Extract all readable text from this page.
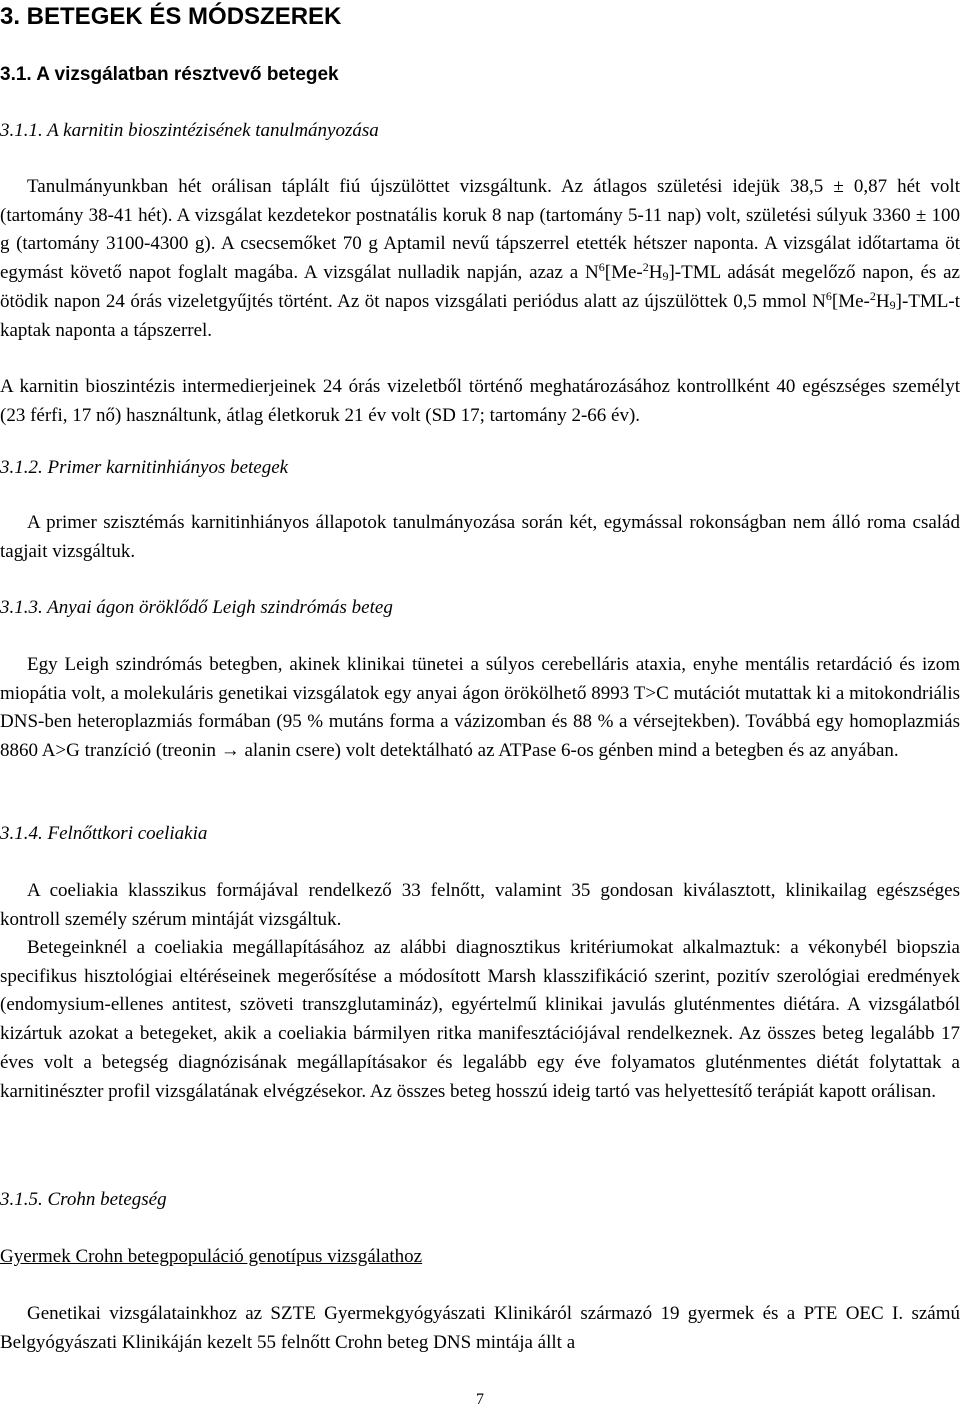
3. BETEGEK ÉS MÓDSZEREK
3.1. A vizsgálatban résztvevő betegek
3.1.1. A karnitin bioszintézisének tanulmányozása
Tanulmányunkban hét orálisan táplált fiú újszülöttet vizsgáltunk. Az átlagos születési idejük 38,5 ± 0,87 hét volt (tartomány 38-41 hét). A vizsgálat kezdetekor postnatális koruk 8 nap (tartomány 5-11 nap) volt, születési súlyuk 3360 ± 100 g (tartomány 3100-4300 g). A csecsemőket 70 g Aptamil nevű tápszerrel etették hétszer naponta. A vizsgálat időtartama öt egymást követő napot foglalt magába. A vizsgálat nulladik napján, azaz a $N^6[Me-^2H_9]$-TML adását megelőző napon, és az ötödik napon 24 órás vizeletgyűjtés történt. Az öt napos vizsgálati periódus alatt az újszülöttek 0,5 mmol $N^6[Me-^2H_9]-TML-t$ kaptak naponta a tápszerrel.
A karnitin bioszintézis intermedierjeinek 24 órás vizeletből történő meghatározásához kontrollként 40 egészséges személyt (23 férfi, 17 nő) használtunk, átlag életkoruk 21 év volt (SD 17; tartomány 2-66 év).
3.1.2. Primer karnitinhiányos betegek
A primer szisztémás karnitinhiányos állapotok tanulmányozása során két, egymással rokonságban nem álló roma család tagjait vizsgáltuk.
3.1.3. Anyai ágon öröklődő Leigh szindrómás beteg
Egy Leigh szindrómás betegben, akinek klinikai tünetei a súlyos cerebelláris ataxia, enyhe mentális retardáció és izom miopátia volt, a molekuláris genetikai vizsgálatok egy anyai ágon örökölhető 8993 T>C mutációt mutattak ki a mitokondriális DNS-ben heteroplazmiás formában (95 % mutáns forma a vázizomban és 88 % a vérsejtekben). Továbbá egy homoplazmiás 8860 A>G tranzíció (treonin → alanin csere) volt detektálható az ATPase 6-os génben mind a betegben és az anyában.
3.1.4. Felnőttkori coeliakia
A coeliakia klasszikus formájával rendelkező 33 felnőtt, valamint 35 gondosan kiválasztott, klinikailag egészséges kontroll személy szérum mintáját vizsgáltuk.
Betegeinknél a coeliakia megállapításához az alábbi diagnosztikus kritériumokat alkalmaztuk: a vékonybél biopszia specifikus hisztológiai eltéréseinek megerősítése a módosított Marsh klasszifikáció szerint, pozitív szerológiai eredmények (endomysium-ellenes antitest, szöveti transzglutamináz), egyértelmű klinikai javulás gluténmentes diétára. A vizsgálatból kizártuk azokat a betegeket, akik a coeliakia bármilyen ritka manifesztációjával rendelkeznek. Az összes beteg legalább 17 éves volt a betegség diagnózisának megállapításakor és legalább egy éve folyamatos gluténmentes diétát folytattak a karnitinészter profil vizsgálatának elvégzésekor. Az összes beteg hosszú ideig tartó vas helyettesítő terápiát kapott orálisan.
3.1.5. Crohn betegség
Gyermek Crohn betegpopuláció genotípus vizsgálathoz
Genetikai vizsgálatainkhoz az SZTE Gyermekgyógyászati Klinikáról származó 19 gyermek és a PTE OEC I. számú Belgyógyászati Klinikáján kezelt 55 felnőtt Crohn beteg DNS mintája állt a
7
